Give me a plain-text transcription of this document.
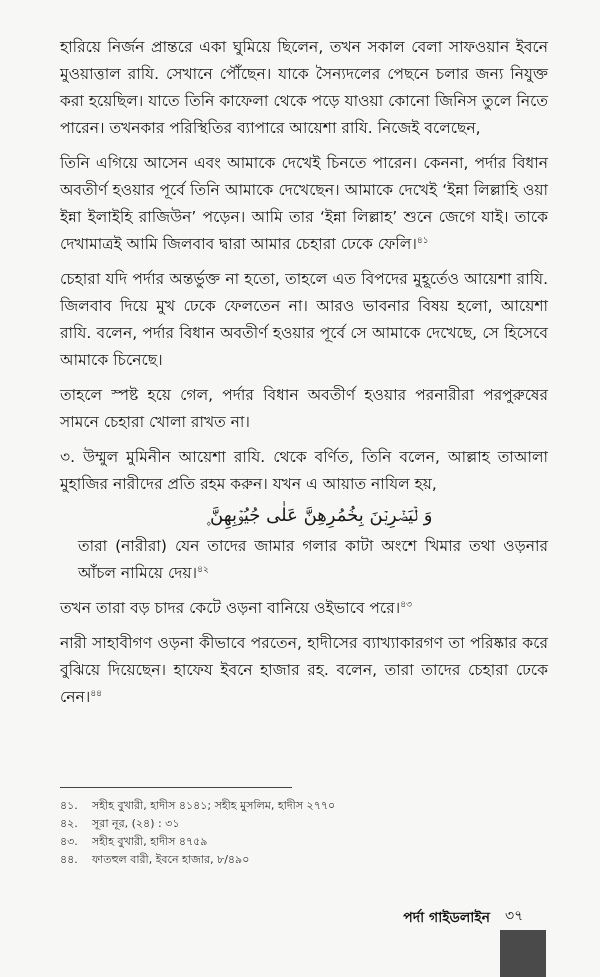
হারিয়ে নির্জন প্রান্তরে একা ঘুমিয়ে ছিলেন, তখন সকাল বেলা সাফওয়ান ইবনে মুওয়াত্তাল রাযি. সেখানে পৌঁছেন। যাকে সৈন্যদলের পেছনে চলার জন্য নিযুক্ত করা হয়েছিল। যাতে তিনি কাফেলা থেকে পড়ে যাওয়া কোনো জিনিস তুলে নিতে পারেন। তখনকার পরিস্থিতির ব্যাপারে আয়েশা রাযি. নিজেই বলেছেন,

তিনি এগিয়ে আসেন এবং আমাকে দেখেই চিনতে পারেন। কেননা, পর্দার বিধান অবতীর্ণ হওয়ার পূর্বে তিনি আমাকে দেখেছেন। আমাকে দেখেই ‘ইন্না লিল্লাহি ওয়া ইন্না ইলাইহি রাজিউন’ পড়েন। আমি তার ‘ইন্না লিল্লাহ’ শুনে জেগে যাই। তাকে দেখামাত্রই আমি জিলবাব দ্বারা আমার চেহারা ঢেকে ফেলি।$^{৪১}$

চেহারা যদি পর্দার অন্তর্ভুক্ত না হতো, তাহলে এত বিপদের মুহূর্তেও আয়েশা রাযি. জিলবাব দিয়ে মুখ ঢেকে ফেলতেন না। আরও ভাবনার বিষয় হলো, আয়েশা রাযি. বলেন, পর্দার বিধান অবতীর্ণ হওয়ার পূর্বে সে আমাকে দেখেছে, সে হিসেবে আমাকে চিনেছে।

তাহলে স্পষ্ট হয়ে গেল, পর্দার বিধান অবতীর্ণ হওয়ার পরনারীরা পরপুরুষের সামনে চেহারা খোলা রাখত না।

৩. উম্মুল মুমিনীন আয়েশা রাযি. থেকে বর্ণিত, তিনি বলেন, আল্লাহ তাআলা মুহাজির নারীদের প্রতি রহম করুন। যখন এ আয়াত নাযিল হয়,

وَ لۡیَضۡرِبۡنَ بِخُمُرِهِنَّ عَلٰی جُیُوۡبِهِنَّ ۪

তারা (নারীরা) যেন তাদের জামার গলার কাটা অংশে খিমার তথা ওড়নার আঁচল নামিয়ে দেয়।$^{৪২}$

তখন তারা বড় চাদর কেটে ওড়না বানিয়ে ওইভাবে পরে।$^{৪৩}$

নারী সাহাবীগণ ওড়না কীভাবে পরতেন, হাদীসের ব্যাখ্যাকারগণ তা পরিষ্কার করে বুঝিয়ে দিয়েছেন। হাফেয ইবনে হাজার রহ. বলেন, তারা তাদের চেহারা ঢেকে নেন।$^{৪৪}$

৪১. সহীহ বুখারী, হাদীস ৪১৪১; সহীহ মুসলিম, হাদীস ২৭৭০
৪২. সূরা নূর, (২৪) : ৩১
৪৩. সহীহ বুখারী, হাদীস ৪৭৫৯
৪৪. ফাতহুল বারী, ইবনে হাজার, ৮/৪৯০
পর্দা গাইডলাইন ৩৭
